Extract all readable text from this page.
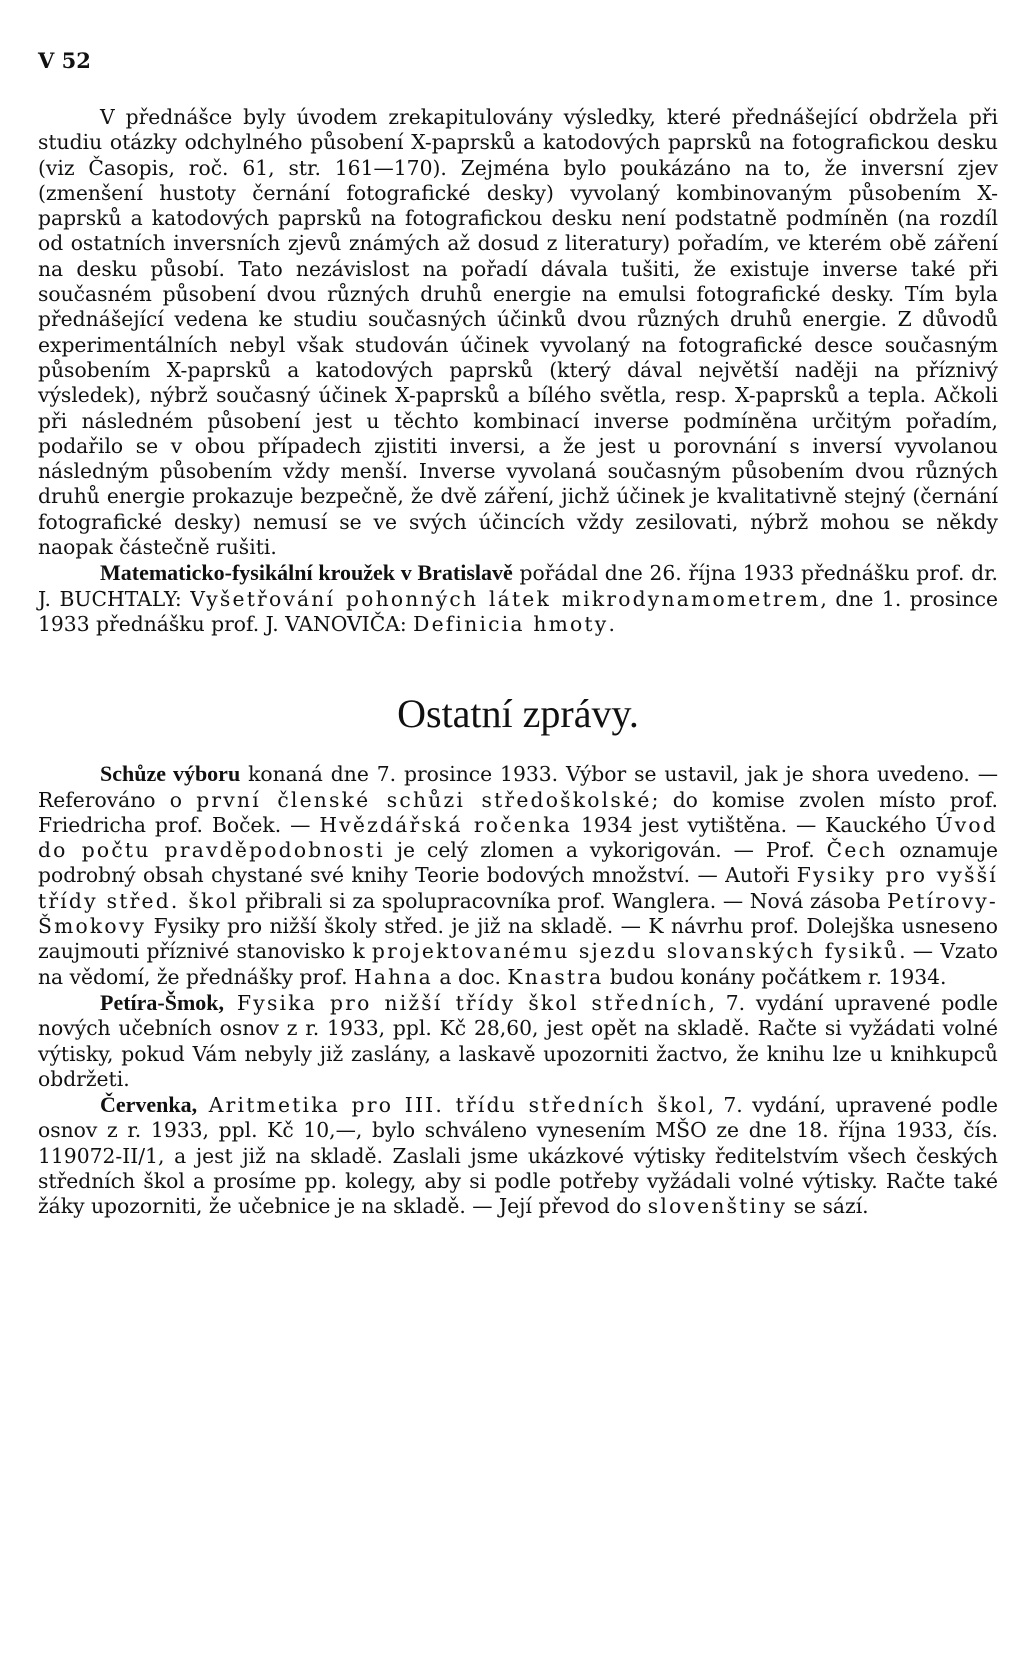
V 52

V přednášce byly úvodem zrekapitulovány výsledky, které přednášející obdržela při studiu otázky odchylného působení X-paprsků a katodových paprsků na fotografickou desku (viz Časopis, roč. 61, str. 161—170). Zejména bylo poukázáno na to, že inversní zjev (zmenšení hustoty černání fotografické desky) vyvolaný kombinovaným působením X-paprsků a katodových paprsků na fotografickou desku není podstatně podmíněn (na rozdíl od ostatních inversních zjevů známých až dosud z literatury) pořadím, ve kterém obě záření na desku působí. Tato nezávislost na pořadí dávala tušiti, že existuje inverse také při současném působení dvou různých druhů energie na emulsi fotografické desky. Tím byla přednášející vedena ke studiu současných účinků dvou různých druhů energie. Z důvodů experimentálních nebyl však studován účinek vyvolaný na fotografické desce současným působením X-paprsků a katodových paprsků (který dával největší naději na příznivý výsledek), nýbrž současný účinek X-paprsků a bílého světla, resp. X-paprsků a tepla. Ačkoli při následném působení jest u těchto kombinací inverse podmíněna určitým pořadím, podařilo se v obou případech zjistiti inversi, a že jest u porovnání s inversí vyvolanou následným působením vždy menší. Inverse vyvolaná současným působením dvou různých druhů energie prokazuje bezpečně, že dvě záření, jichž účinek je kvalitativně stejný (černání fotografické desky) nemusí se ve svých účincích vždy zesilovati, nýbrž mohou se někdy naopak částečně rušiti.

Matematicko-fysikální kroužek v Bratislavě pořádal dne 26. října 1933 přednášku prof. dr. J. BUCHTALY: Vyšetřování pohonných látek mikrodynamometrem, dne 1. prosince 1933 přednášku prof. J. VANOVIČA: Definicia hmoty.

Ostatní zprávy.

Schůze výboru konaná dne 7. prosince 1933. Výbor se ustavil, jak je shora uvedeno. — Referováno o první členské schůzi středoškolské; do komise zvolen místo prof. Friedricha prof. Boček. — Hvězdářská ročenka 1934 jest vytištěna. — Kauckého Úvod do počtu pravděpodobnosti je celý zlomen a vykorigován. — Prof. Čech oznamuje podrobný obsah chystané své knihy Teorie bodových množství. — Autoři Fysiky pro vyšší třídy střed. škol přibrali si za spolupracovníka prof. Wanglera. — Nová zásoba Petírovy-Šmokovy Fysiky pro nižší školy střed. je již na skladě. — K návrhu prof. Dolejška usneseno zaujmouti příznivé stanovisko k projektovanému sjezdu slovanských fysiků. — Vzato na vědomí, že přednášky prof. Hahna a doc. Knastra budou konány počátkem r. 1934.

Petíra-Šmok, Fysika pro nižší třídy škol středních, 7. vydání upravené podle nových učebních osnov z r. 1933, ppl. Kč 28,60, jest opět na skladě. Račte si vyžádati volné výtisky, pokud Vám nebyly již zaslány, a laskavě upozorniti žactvo, že knihu lze u knihkupců obdržeti.

Červenka, Aritmetika pro III. třídu středních škol, 7. vydání, upravené podle osnov z r. 1933, ppl. Kč 10,—, bylo schváleno vynesením MŠO ze dne 18. října 1933, čís. 119072-II/1, a jest již na skladě. Zaslali jsme ukázkové výtisky ředitelstvím všech českých středních škol a prosíme pp. kolegy, aby si podle potřeby vyžádali volné výtisky. Račte také žáky upozorniti, že učebnice je na skladě. — Její převod do slovenštiny se sází.
